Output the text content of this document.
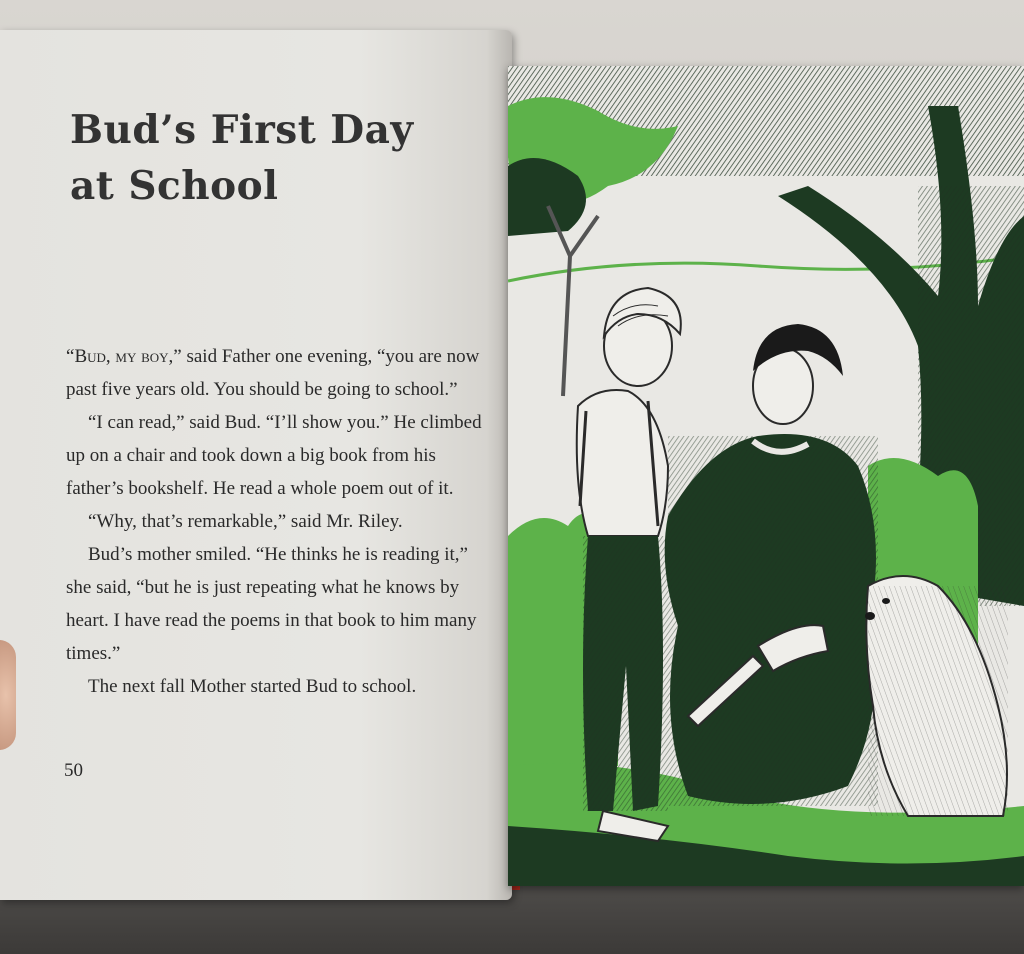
Bud’s First Day
at School

“Bud, my boy,” said Father one evening, “you are now past five years old. You should be going to school.”

“I can read,” said Bud. “I’ll show you.” He climbed up on a chair and took down a big book from his father’s bookshelf. He read a whole poem out of it.

“Why, that’s remarkable,” said Mr. Riley.

Bud’s mother smiled. “He thinks he is reading it,” she said, “but he is just repeating what he knows by heart. I have read the poems in that book to him many times.”

The next fall Mother started Bud to school.

50
